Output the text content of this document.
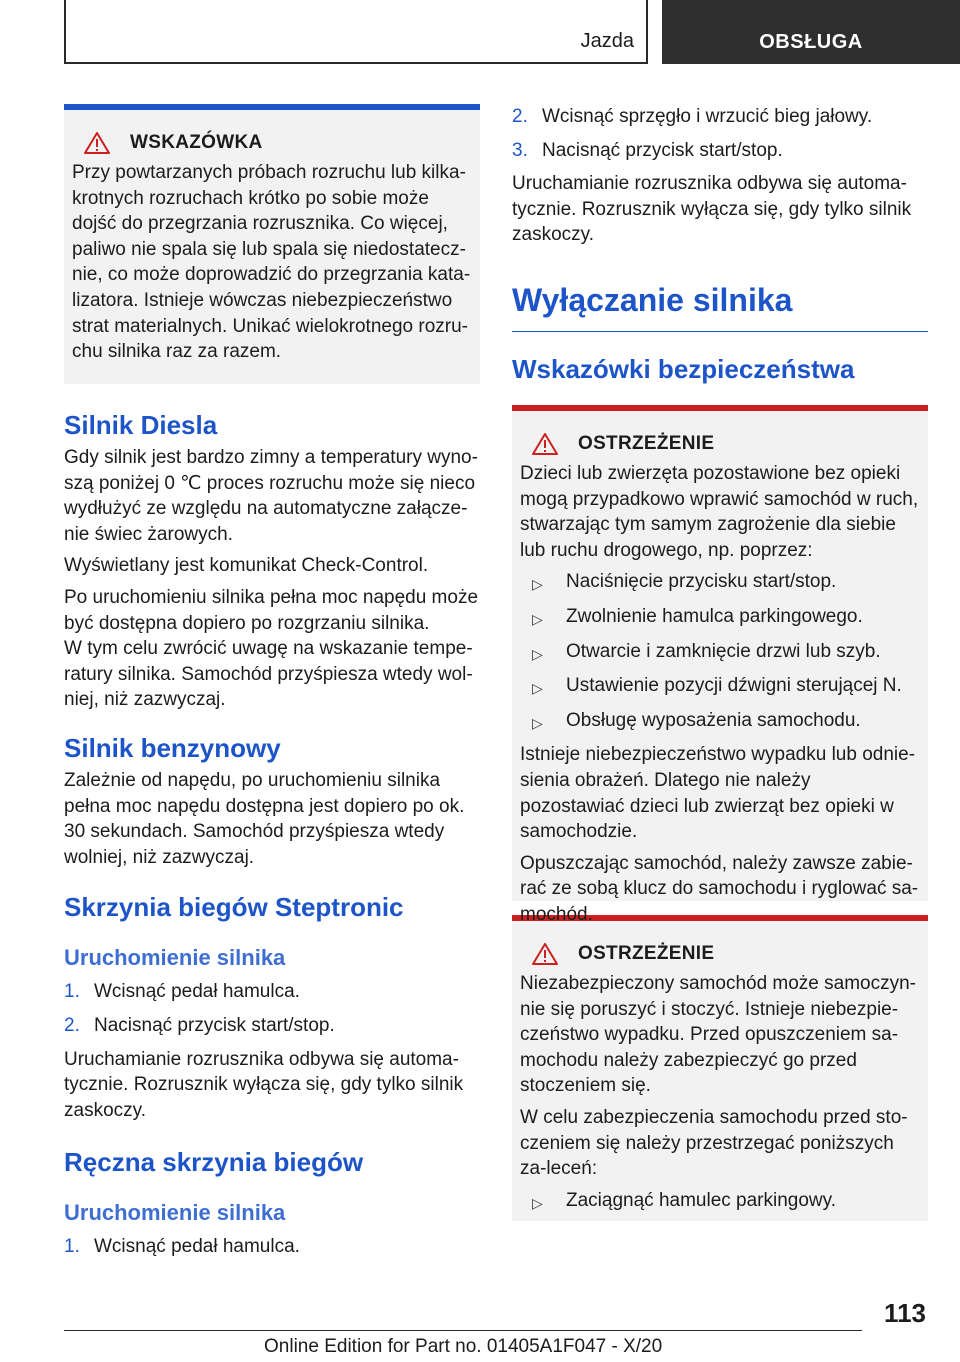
Jazda	OBSŁUGA
WSKAZÓWKA

Przy powtarzanych próbach rozruchu lub kilka-krotnych rozruchach krótko po sobie może dojść do przegrzania rozrusznika. Co więcej, paliwo nie spala się lub spala się niedostatecz-nie, co może doprowadzić do przegrzania kata-lizatora. Istnieje wówczas niebezpieczeństwo strat materialnych. Unikać wielokrotnego rozru-chu silnika raz za razem.

Silnik Diesla

Gdy silnik jest bardzo zimny a temperatury wyno-szą poniżej 0 ℃ proces rozruchu może się nieco wydłużyć ze względu na automatyczne załącze-nie świec żarowych.

Wyświetlany jest komunikat Check-Control.

Po uruchomieniu silnika pełna moc napędu może być dostępna dopiero po rozgrzaniu silnika.

W tym celu zwrócić uwagę na wskazanie tempe-ratury silnika. Samochód przyśpiesza wtedy wol-niej, niż zazwyczaj.

Silnik benzynowy

Zależnie od napędu, po uruchomieniu silnika pełna moc napędu dostępna jest dopiero po ok. 30 sekundach. Samochód przyśpiesza wtedy wolniej, niż zazwyczaj.

Skrzynia biegów Steptronic
Uruchomienie silnika
1. Wcisnąć pedał hamulca.
2. Nacisnąć przycisk start/stop.

Uruchamianie rozrusznika odbywa się automa-tycznie. Rozrusznik wyłącza się, gdy tylko silnik zaskoczy.

Ręczna skrzynia biegów
Uruchomienie silnika
1. Wcisnąć pedał hamulca.
2. Wcisnąć sprzęgło i wrzucić bieg jałowy.
3. Nacisnąć przycisk start/stop.

Uruchamianie rozrusznika odbywa się automa-tycznie. Rozrusznik wyłącza się, gdy tylko silnik zaskoczy.

Wyłączanie silnika
Wskazówki bezpieczeństwa
OSTRZEŻENIE

Dzieci lub zwierzęta pozostawione bez opieki mogą przypadkowo wprawić samochód w ruch, stwarzając tym samym zagrożenie dla siebie lub ruchu drogowego, np. poprzez:

▷	Naciśnięcie przycisku start/stop.
▷	Zwolnienie hamulca parkingowego.
▷	Otwarcie i zamknięcie drzwi lub szyb.
▷	Ustawienie pozycji dźwigni sterującej N.
▷	Obsługę wyposażenia samochodu.

Istnieje niebezpieczeństwo wypadku lub odnie-sienia obrażeń. Dlatego nie należy pozostawiać dzieci lub zwierząt bez opieki w samochodzie.

Opuszczając samochód, należy zawsze zabie-rać ze sobą klucz do samochodu i ryglować sa-mochód.

OSTRZEŻENIE

Niezabezpieczony samochód może samoczyn-nie się poruszyć i stoczyć. Istnieje niebezpie-czeństwo wypadku. Przed opuszczeniem sa-mochodu należy zabezpieczyć go przed stoczeniem się.

W celu zabezpieczenia samochodu przed sto-czeniem się należy przestrzegać poniższych za-leceń:

▷	Zaciągnąć hamulec parkingowy.
113
Online Edition for Part no. 01405A1F047 - X/20
